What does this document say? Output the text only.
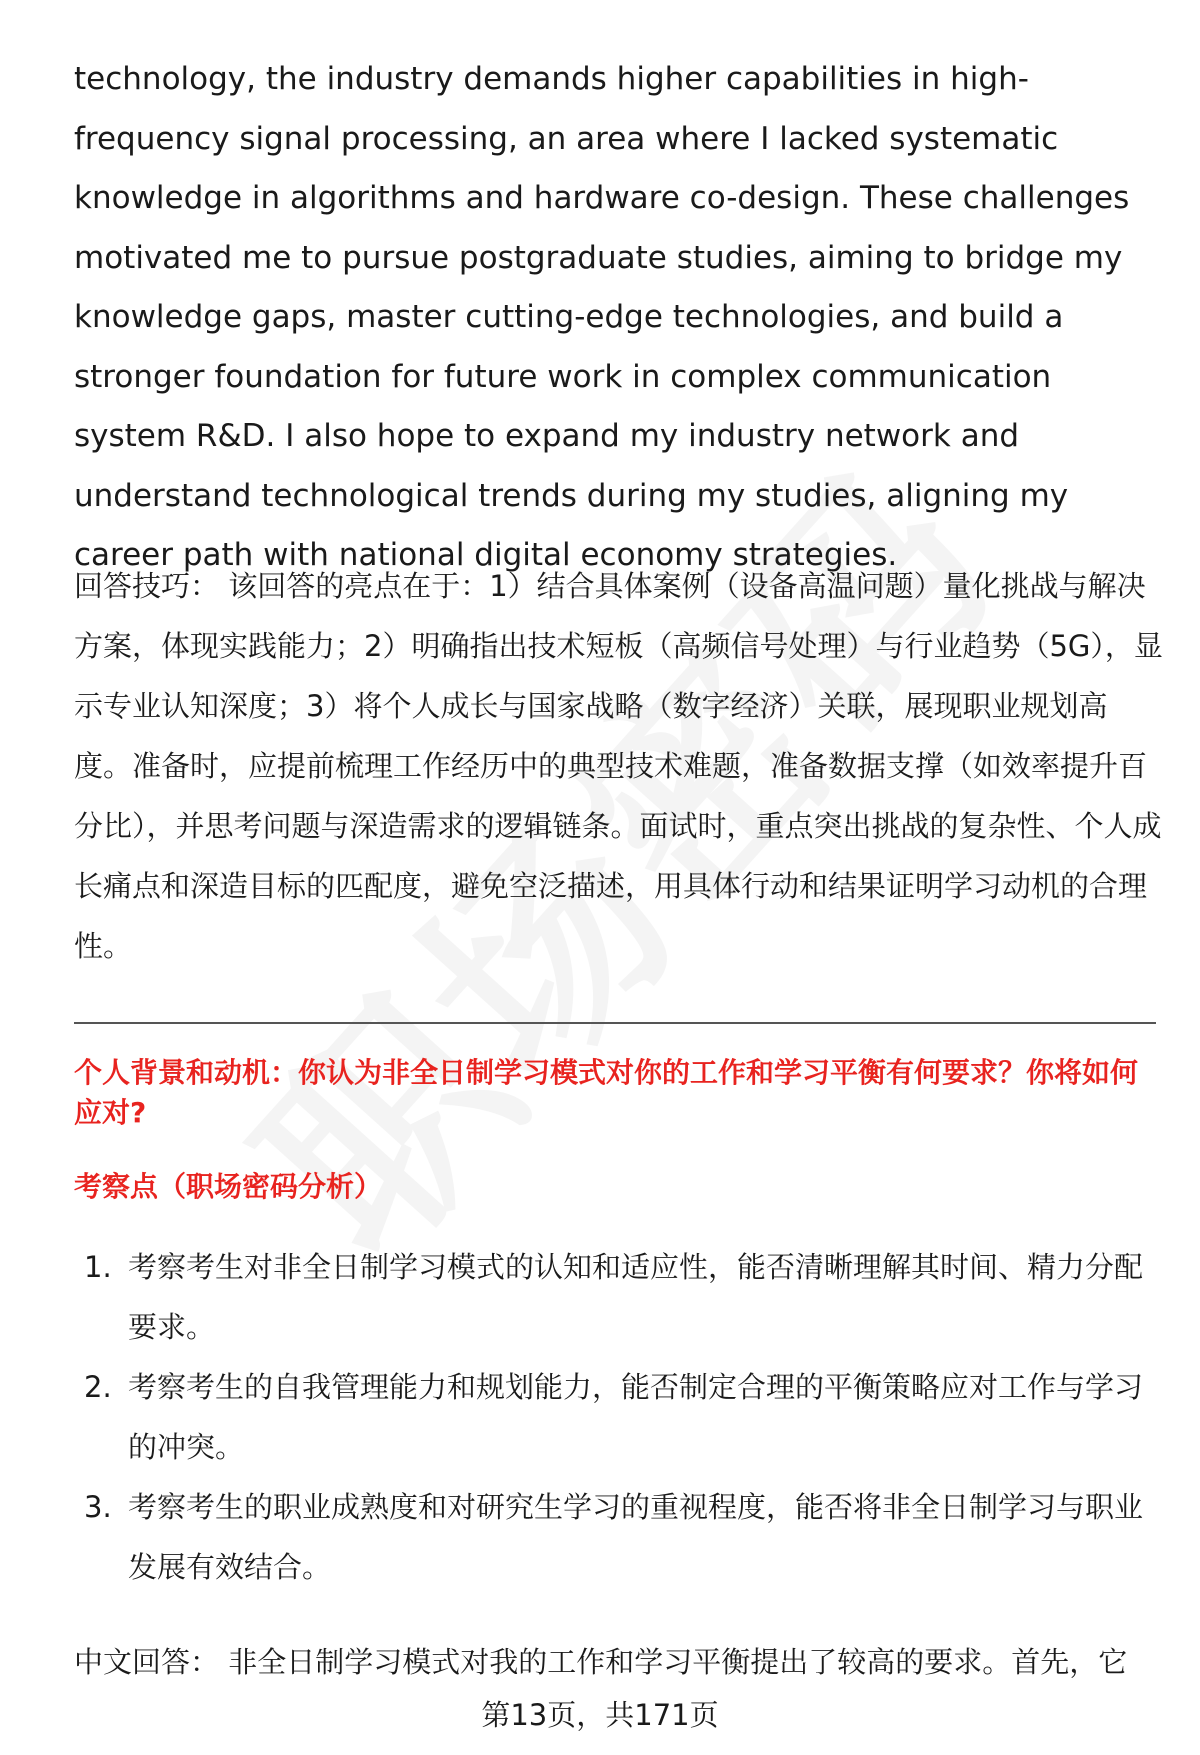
technology, the industry demands higher capabilities in high-frequency signal processing, an area where I lacked systematic knowledge in algorithms and hardware co-design. These challenges motivated me to pursue postgraduate studies, aiming to bridge my knowledge gaps, master cutting-edge technologies, and build a stronger foundation for future work in complex communication system R&D. I also hope to expand my industry network and understand technological trends during my studies, aligning my career path with national digital economy strategies.

回答技巧： 该回答的亮点在于：1）结合具体案例（设备高温问题）量化挑战与解决方案，体现实践能力；2）明确指出技术短板（高频信号处理）与行业趋势（5G），显示专业认知深度；3）将个人成长与国家战略（数字经济）关联，展现职业规划高度。准备时，应提前梳理工作经历中的典型技术难题，准备数据支撑（如效率提升百分比），并思考问题与深造需求的逻辑链条。面试时，重点突出挑战的复杂性、个人成长痛点和深造目标的匹配度，避免空泛描述，用具体行动和结果证明学习动机的合理性。

个人背景和动机：你认为非全日制学习模式对你的工作和学习平衡有何要求？你将如何应对?

考察点（职场密码分析）

1. 考察考生对非全日制学习模式的认知和适应性，能否清晰理解其时间、精力分配要求。
2. 考察考生的自我管理能力和规划能力，能否制定合理的平衡策略应对工作与学习的冲突。
3. 考察考生的职业成熟度和对研究生学习的重视程度，能否将非全日制学习与职业发展有效结合。

中文回答： 非全日制学习模式对我的工作和学习平衡提出了较高的要求。首先，它

第13页，共171页
